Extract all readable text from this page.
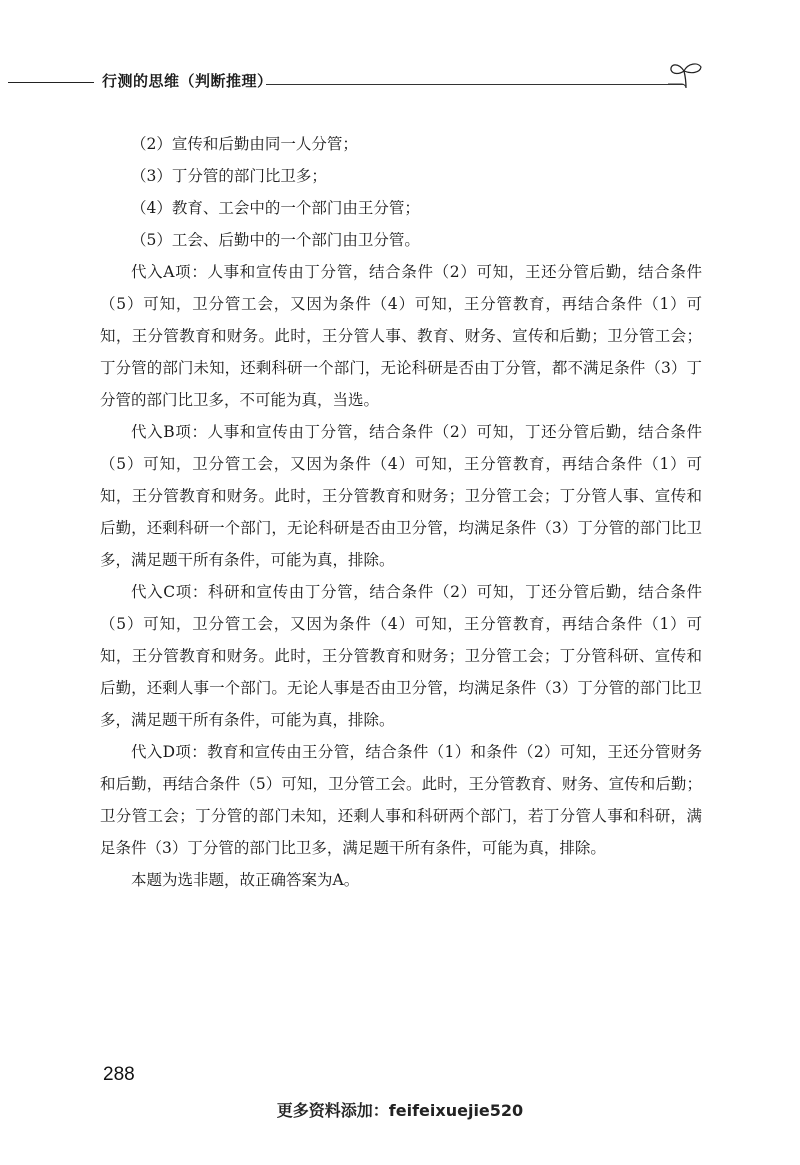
行测的思维（判断推理）
（2）宣传和后勤由同一人分管；
（3）丁分管的部门比卫多；
（4）教育、工会中的一个部门由王分管；
（5）工会、后勤中的一个部门由卫分管。

代入A项：人事和宣传由丁分管，结合条件（2）可知，王还分管后勤，结合条件（5）可知，卫分管工会，又因为条件（4）可知，王分管教育，再结合条件（1）可知，王分管教育和财务。此时，王分管人事、教育、财务、宣传和后勤；卫分管工会；丁分管的部门未知，还剩科研一个部门，无论科研是否由丁分管，都不满足条件（3）丁分管的部门比卫多，不可能为真，当选。

代入B项：人事和宣传由丁分管，结合条件（2）可知，丁还分管后勤，结合条件（5）可知，卫分管工会，又因为条件（4）可知，王分管教育，再结合条件（1）可知，王分管教育和财务。此时，王分管教育和财务；卫分管工会；丁分管人事、宣传和后勤，还剩科研一个部门，无论科研是否由卫分管，均满足条件（3）丁分管的部门比卫多，满足题干所有条件，可能为真，排除。

代入C项：科研和宣传由丁分管，结合条件（2）可知，丁还分管后勤，结合条件（5）可知，卫分管工会，又因为条件（4）可知，王分管教育，再结合条件（1）可知，王分管教育和财务。此时，王分管教育和财务；卫分管工会；丁分管科研、宣传和后勤，还剩人事一个部门。无论人事是否由卫分管，均满足条件（3）丁分管的部门比卫多，满足题干所有条件，可能为真，排除。

代入D项：教育和宣传由王分管，结合条件（1）和条件（2）可知，王还分管财务和后勤，再结合条件（5）可知，卫分管工会。此时，王分管教育、财务、宣传和后勤；卫分管工会；丁分管的部门未知，还剩人事和科研两个部门，若丁分管人事和科研，满足条件（3）丁分管的部门比卫多，满足题干所有条件，可能为真，排除。

本题为选非题，故正确答案为A。

288
更多资料添加：feifeixuejie520
